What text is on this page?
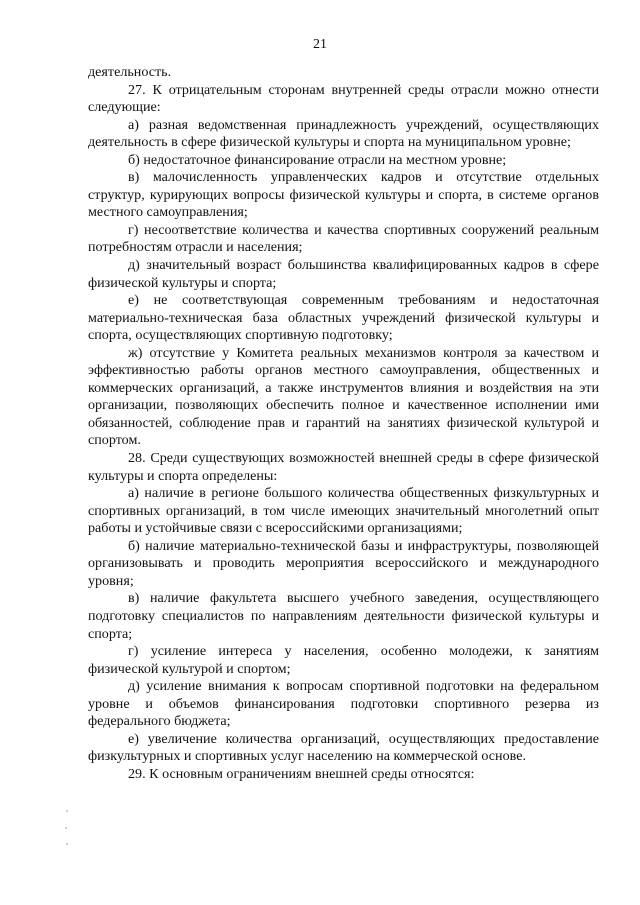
21

деятельность.

27. К отрицательным сторонам внутренней среды отрасли можно отнести следующие:

а) разная ведомственная принадлежность учреждений, осуществляющих деятельность в сфере физической культуры и спорта на муниципальном уровне;

б) недостаточное финансирование отрасли на местном уровне;

в) малочисленность управленческих кадров и отсутствие отдельных структур, курирующих вопросы физической культуры и спорта, в системе органов местного самоуправления;

г) несоответствие количества и качества спортивных сооружений реальным потребностям отрасли и населения;

д) значительный возраст большинства квалифицированных кадров в сфере физической культуры и спорта;

е) не соответствующая современным требованиям и недостаточная материально-техническая база областных учреждений физической культуры и спорта, осуществляющих спортивную подготовку;

ж) отсутствие у Комитета реальных механизмов контроля за качеством и эффективностью работы органов местного самоуправления, общественных и коммерческих организаций, а также инструментов влияния и воздействия на эти организации, позволяющих обеспечить полное и качественное исполнении ими обязанностей, соблюдение прав и гарантий на занятиях физической культурой и спортом.

28. Среди существующих возможностей внешней среды в сфере физической культуры и спорта определены:

а) наличие в регионе большого количества общественных физкультурных и спортивных организаций, в том числе имеющих значительный многолетний опыт работы и устойчивые связи с всероссийскими организациями;

б) наличие материально-технической базы и инфраструктуры, позволяющей организовывать и проводить мероприятия всероссийского и международного уровня;

в) наличие факультета высшего учебного заведения, осуществляющего подготовку специалистов по направлениям деятельности физической культуры и спорта;

г) усиление интереса у населения, особенно молодежи, к занятиям физической культурой и спортом;

д) усиление внимания к вопросам спортивной подготовки на федеральном уровне и объемов финансирования подготовки спортивного резерва из федерального бюджета;

е) увеличение количества организаций, осуществляющих предоставление физкультурных и спортивных услуг населению на коммерческой основе.

29. К основным ограничениям внешней среды относятся:
